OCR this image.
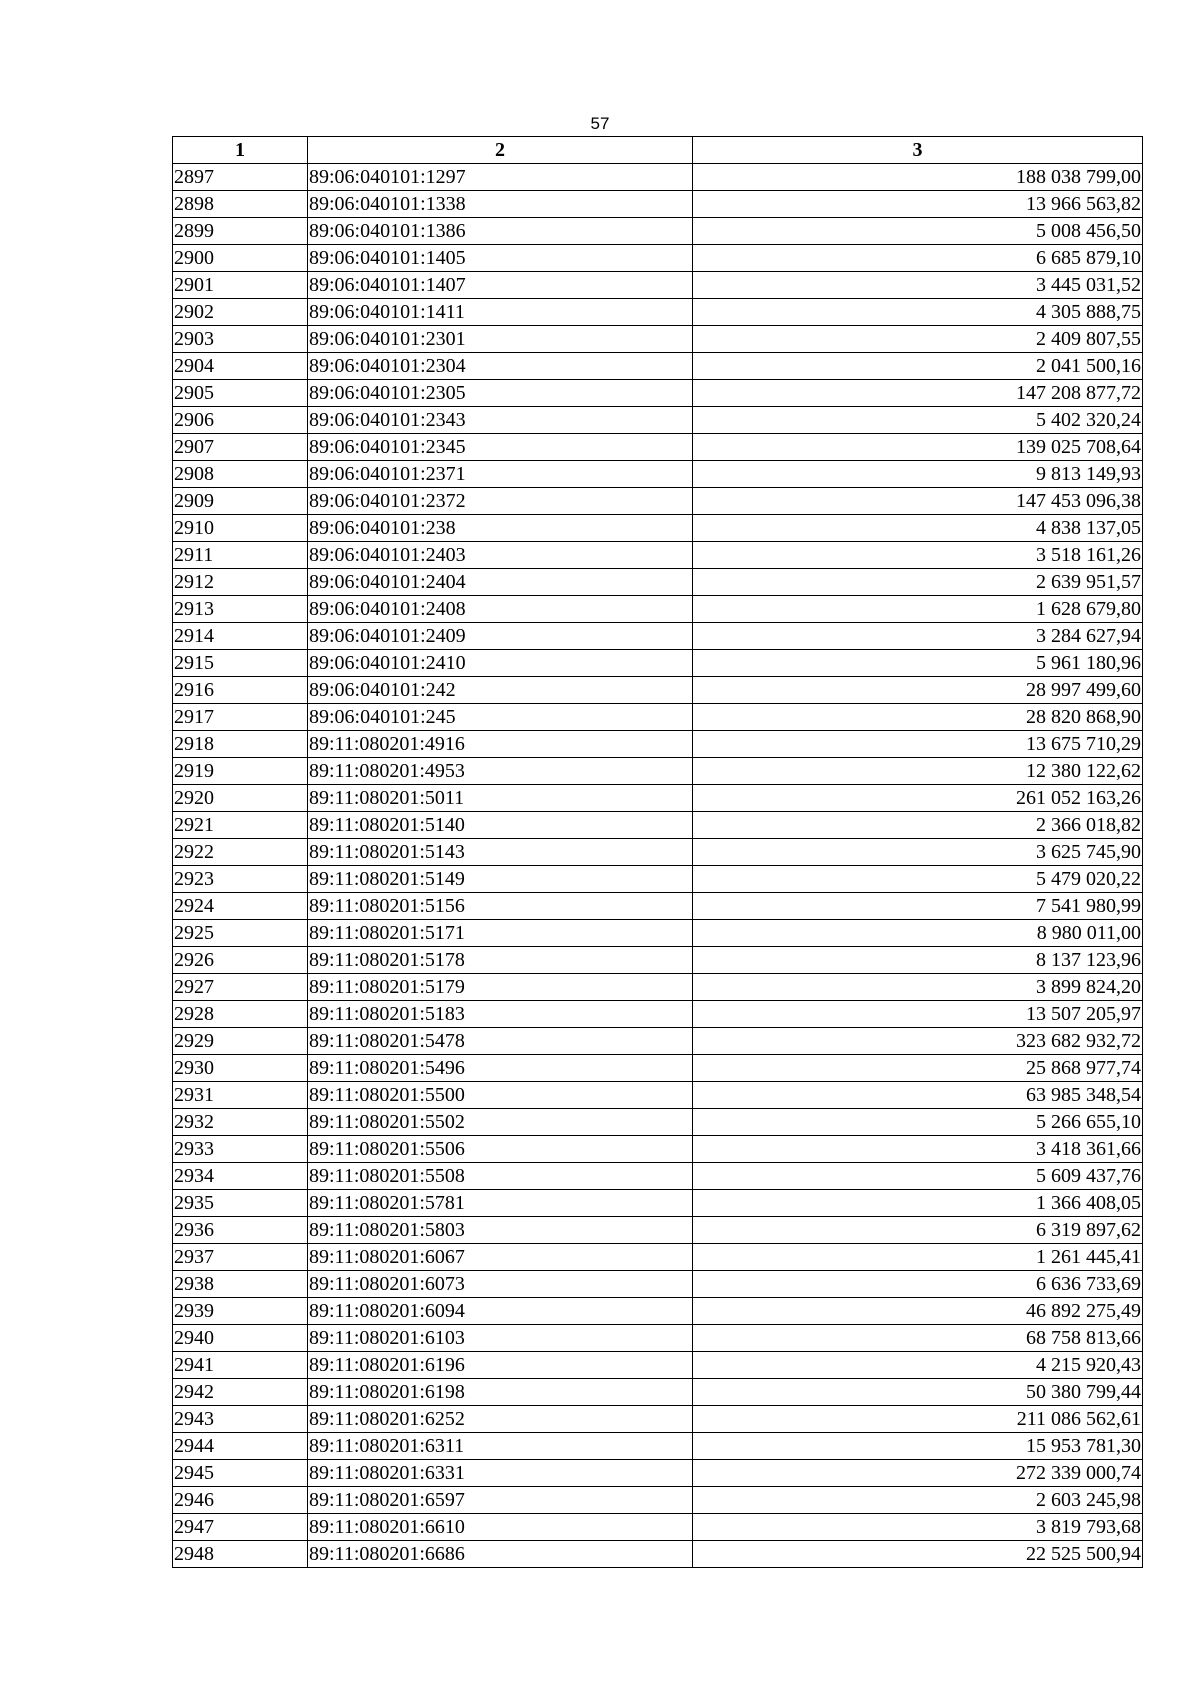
57
1	2	3
2897	89:06:040101:1297	188 038 799,00
2898	89:06:040101:1338	13 966 563,82
2899	89:06:040101:1386	5 008 456,50
2900	89:06:040101:1405	6 685 879,10
2901	89:06:040101:1407	3 445 031,52
2902	89:06:040101:1411	4 305 888,75
2903	89:06:040101:2301	2 409 807,55
2904	89:06:040101:2304	2 041 500,16
2905	89:06:040101:2305	147 208 877,72
2906	89:06:040101:2343	5 402 320,24
2907	89:06:040101:2345	139 025 708,64
2908	89:06:040101:2371	9 813 149,93
2909	89:06:040101:2372	147 453 096,38
2910	89:06:040101:238	4 838 137,05
2911	89:06:040101:2403	3 518 161,26
2912	89:06:040101:2404	2 639 951,57
2913	89:06:040101:2408	1 628 679,80
2914	89:06:040101:2409	3 284 627,94
2915	89:06:040101:2410	5 961 180,96
2916	89:06:040101:242	28 997 499,60
2917	89:06:040101:245	28 820 868,90
2918	89:11:080201:4916	13 675 710,29
2919	89:11:080201:4953	12 380 122,62
2920	89:11:080201:5011	261 052 163,26
2921	89:11:080201:5140	2 366 018,82
2922	89:11:080201:5143	3 625 745,90
2923	89:11:080201:5149	5 479 020,22
2924	89:11:080201:5156	7 541 980,99
2925	89:11:080201:5171	8 980 011,00
2926	89:11:080201:5178	8 137 123,96
2927	89:11:080201:5179	3 899 824,20
2928	89:11:080201:5183	13 507 205,97
2929	89:11:080201:5478	323 682 932,72
2930	89:11:080201:5496	25 868 977,74
2931	89:11:080201:5500	63 985 348,54
2932	89:11:080201:5502	5 266 655,10
2933	89:11:080201:5506	3 418 361,66
2934	89:11:080201:5508	5 609 437,76
2935	89:11:080201:5781	1 366 408,05
2936	89:11:080201:5803	6 319 897,62
2937	89:11:080201:6067	1 261 445,41
2938	89:11:080201:6073	6 636 733,69
2939	89:11:080201:6094	46 892 275,49
2940	89:11:080201:6103	68 758 813,66
2941	89:11:080201:6196	4 215 920,43
2942	89:11:080201:6198	50 380 799,44
2943	89:11:080201:6252	211 086 562,61
2944	89:11:080201:6311	15 953 781,30
2945	89:11:080201:6331	272 339 000,74
2946	89:11:080201:6597	2 603 245,98
2947	89:11:080201:6610	3 819 793,68
2948	89:11:080201:6686	22 525 500,94
